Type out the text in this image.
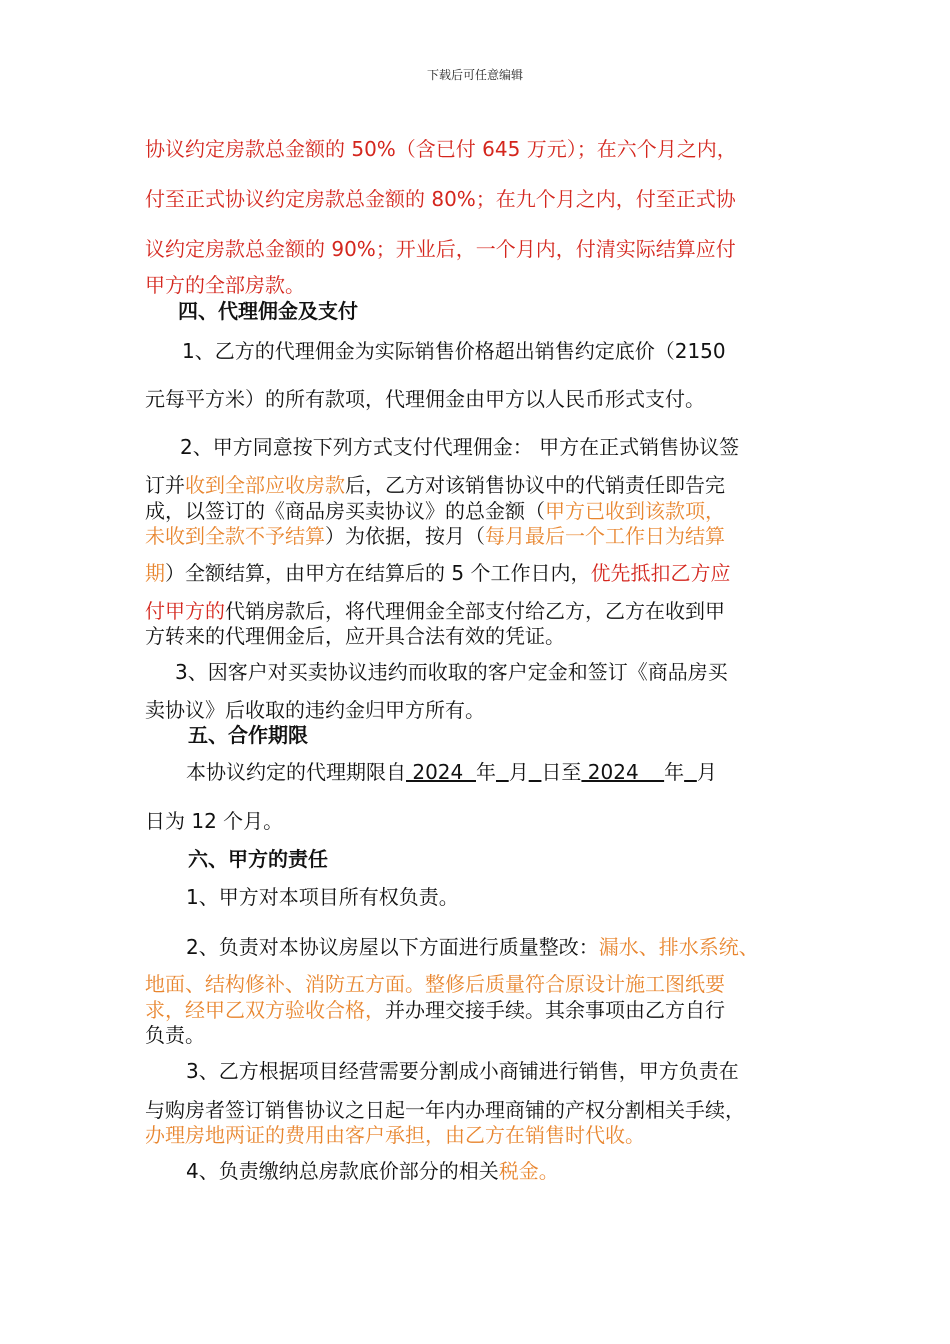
下载后可任意编辑
协议约定房款总金额的 50%（含已付 645 万元）；在六个月之内，
付至正式协议约定房款总金额的 80%；在九个月之内，付至正式协
议约定房款总金额的 90%；开业后，一个月内，付清实际结算应付
甲方的全部房款。
四、代理佣金及支付
1、乙方的代理佣金为实际销售价格超出销售约定底价（2150
元每平方米）的所有款项，代理佣金由甲方以人民币形式支付。
2、甲方同意按下列方式支付代理佣金： 甲方在正式销售协议签
订并收到全部应收房款后，乙方对该销售协议中的代销责任即告完
成，以签订的《商品房买卖协议》的总金额（甲方已收到该款项，
未收到全款不予结算）为依据，按月（每月最后一个工作日为结算
期）全额结算，由甲方在结算后的 5 个工作日内，优先抵扣乙方应
付甲方的代销房款后，将代理佣金全部支付给乙方，乙方在收到甲
方转来的代理佣金后，应开具合法有效的凭证。
3、因客户对买卖协议违约而收取的客户定金和签订《商品房买
卖协议》后收取的违约金归甲方所有。
五、合作期限
本协议约定的代理期限自 2024  年 月 日至 2024    年 月
日为 12 个月。
六、甲方的责任
1、甲方对本项目所有权负责。
2、负责对本协议房屋以下方面进行质量整改：漏水、排水系统、
地面、结构修补、消防五方面。整修后质量符合原设计施工图纸要
求，经甲乙双方验收合格，并办理交接手续。其余事项由乙方自行
负责。
3、乙方根据项目经营需要分割成小商铺进行销售，甲方负责在
与购房者签订销售协议之日起一年内办理商铺的产权分割相关手续，
办理房地两证的费用由客户承担，由乙方在销售时代收。
4、负责缴纳总房款底价部分的相关税金。
